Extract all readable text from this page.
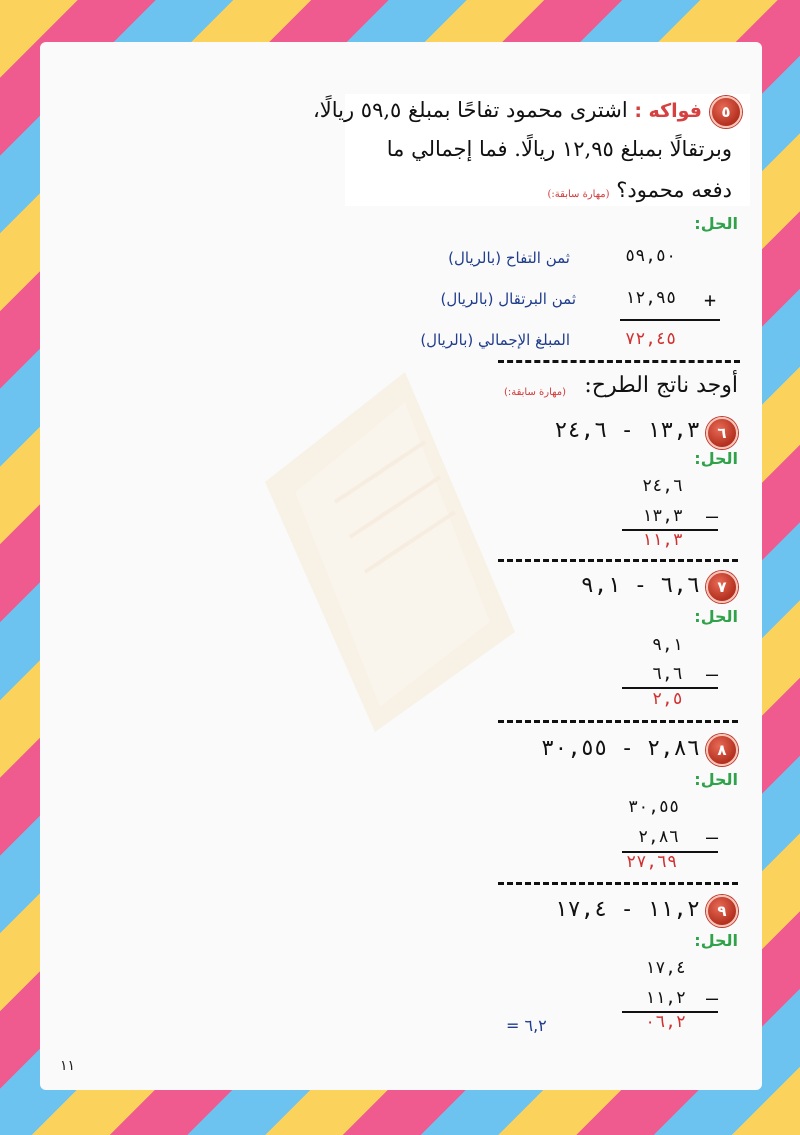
٥
فواكه : اشترى محمود تفاحًا بمبلغ ٥٩,٥ ريالًا،
وبرتقالًا بمبلغ ١٢,٩٥ ريالًا. فما إجمالي ما
دفعه محمود؟ (مهارة سابقة:)
الحل:
٥٩,٥٠
ثمن التفاح (بالريال)
+
١٢,٩٥
ثمن البرتقال (بالريال)
٧٢,٤٥
المبلغ الإجمالي (بالريال)
أوجد ناتج الطرح:
(مهارة سابقة:)
٦
١٣,٣ - ٢٤,٦
الحل:
٢٤,٦
–
١٣,٣
١١,٣
٧
٦,٦ - ٩,١
الحل:
٩,١
–
٦,٦
٢,٥
٨
٢,٨٦ - ٣٠,٥٥
الحل:
٣٠,٥٥
–
٢,٨٦
٢٧,٦٩
٩
١١,٢ - ١٧,٤
الحل:
١٧,٤
–
١١,٢
٠٦,٢
٦,٢ =
١١
